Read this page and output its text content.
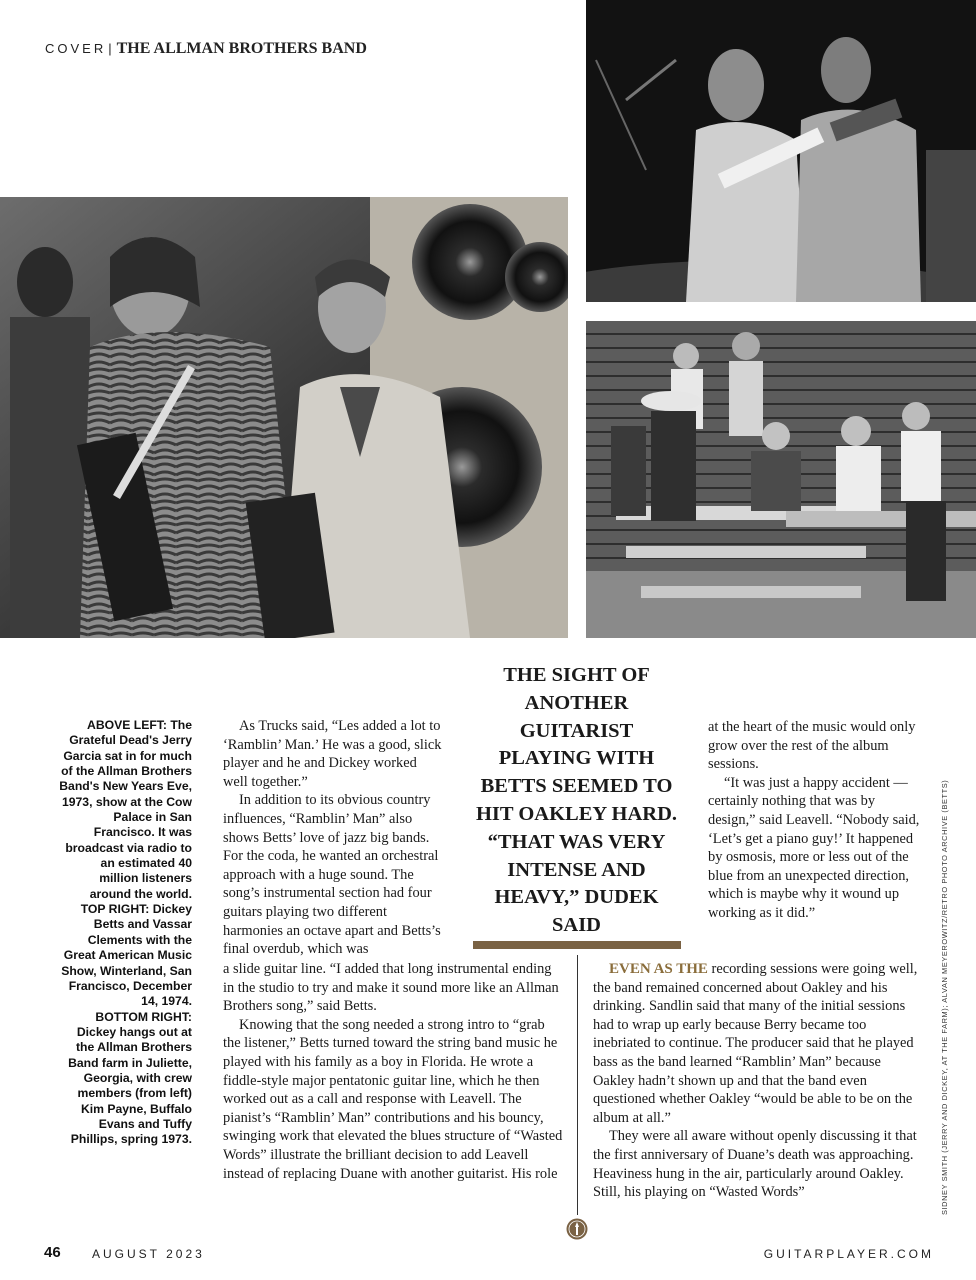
COVER | THE ALLMAN BROTHERS BAND

ABOVE LEFT: The Grateful Dead's Jerry Garcia sat in for much of the Allman Brothers Band's New Years Eve, 1973, show at the Cow Palace in San Francisco. It was broadcast via radio to an estimated 40 million listeners around the world.

TOP RIGHT: Dickey Betts and Vassar Clements with the Great American Music Show, Winterland, San Francisco, December 14, 1974.

BOTTOM RIGHT: Dickey hangs out at the Allman Brothers Band farm in Juliette, Georgia, with crew members (from left) Kim Payne, Buffalo Evans and Tuffy Phillips, spring 1973.

As Trucks said, “Les added a lot to ‘Ramblin’ Man.’ He was a good, slick player and he and Dickey worked well together.”

In addition to its obvious country influences, “Ramblin’ Man” also shows Betts’ love of jazz big bands. For the coda, he wanted an orchestral approach with a huge sound. The song’s instrumental section had four guitars playing two different harmonies an octave apart and Betts’s final overdub, which was

a slide guitar line. “I added that long instrumental ending in the studio to try and make it sound more like an Allman Brothers song,” said Betts.

Knowing that the song needed a strong intro to “grab the listener,” Betts turned toward the string band music he played with his family as a boy in Florida. He wrote a fiddle-style major pentatonic guitar line, which he then worked out as a call and response with Leavell. The pianist’s “Ramblin’ Man” contributions and his bouncy, swinging work that elevated the blues structure of “Wasted Words” illustrate the brilliant decision to add Leavell instead of replacing Duane with another guitarist. His role

THE SIGHT OF ANOTHER GUITARIST PLAYING WITH BETTS SEEMED TO HIT OAKLEY HARD. “THAT WAS VERY INTENSE AND HEAVY,” DUDEK SAID

at the heart of the music would only grow over the rest of the album sessions.

“It was just a happy accident — certainly nothing that was by design,” said Leavell. “Nobody said, ‘Let’s get a piano guy!’ It happened by osmosis, more or less out of the blue from an unexpected direction, which is maybe why it wound up working as it did.”

EVEN AS THE recording sessions were going well, the band remained concerned about Oakley and his drinking. Sandlin said that many of the initial sessions had to wrap up early because Berry became too inebriated to continue. The producer said that he played bass as the band learned “Ramblin’ Man” because Oakley hadn’t shown up and that the band even questioned whether Oakley “would be able to be on the album at all.”

They were all aware without openly discussing it that the first anniversary of Duane’s death was approaching. Heaviness hung in the air, particularly around Oakley. Still, his playing on “Wasted Words”	SIDNEY SMITH (JERRY AND DICKEY, AT THE FARM); ALVAN MEYEROWITZ/RETRO PHOTO ARCHIVE (BETTS)
46	AUGUST 2023	GUITARPLAYER.COM
